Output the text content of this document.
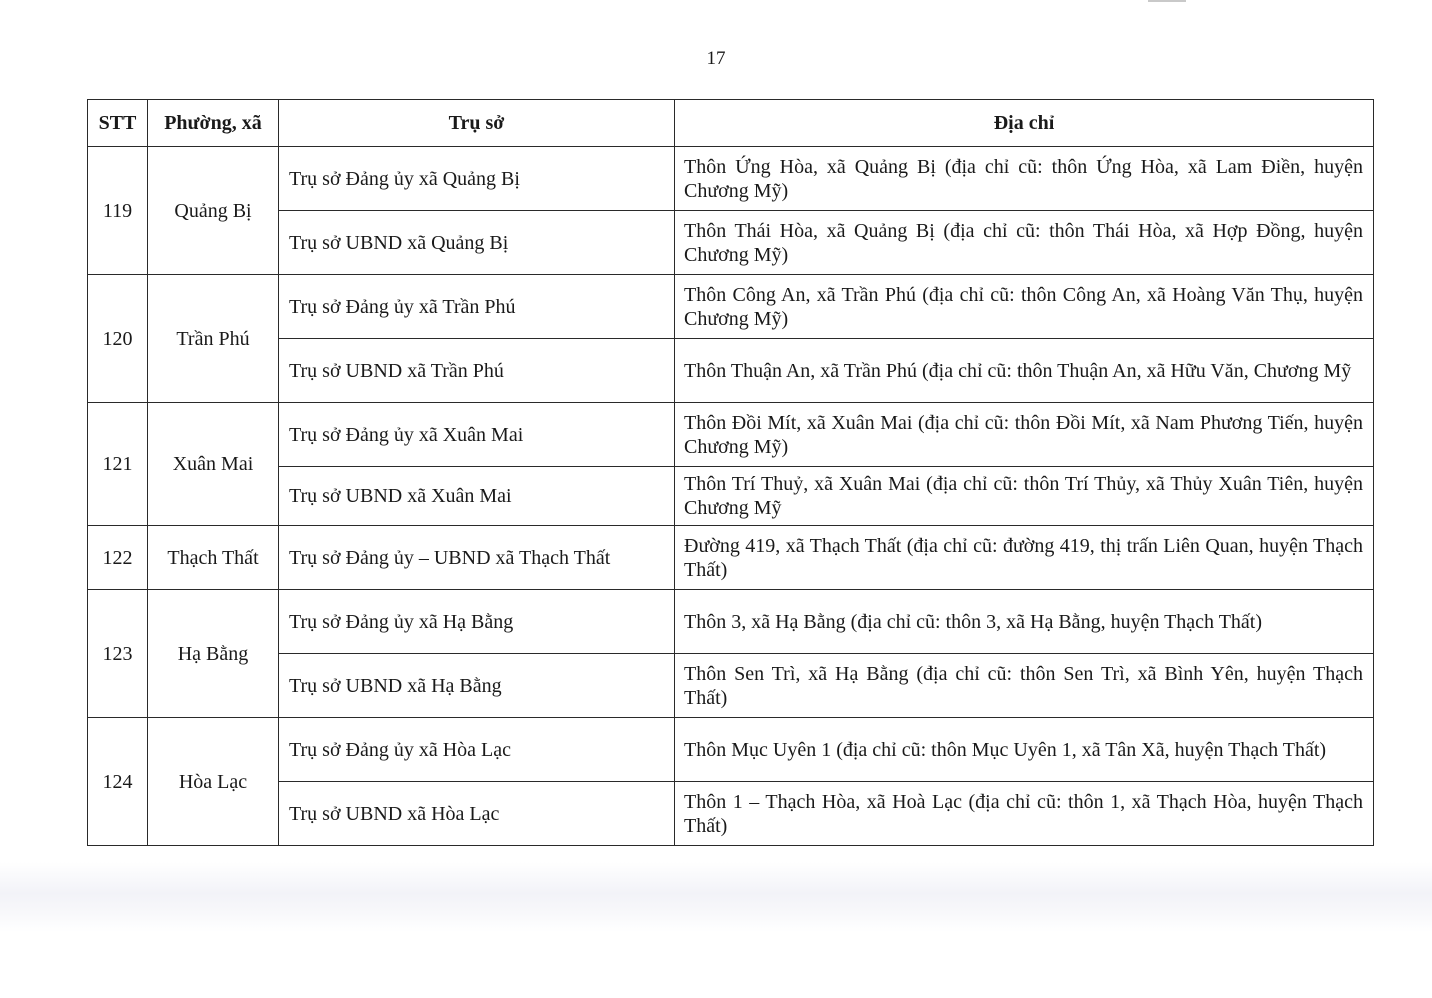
17
STT	Phường, xã	Trụ sở	Địa chỉ
119	Quảng Bị	Trụ sở Đảng ủy xã Quảng Bị	Thôn Ứng Hòa, xã Quảng Bị (địa chỉ cũ: thôn Ứng Hòa, xã Lam Điền, huyện Chương Mỹ)
		Trụ sở UBND xã Quảng Bị	Thôn Thái Hòa, xã Quảng Bị (địa chỉ cũ: thôn Thái Hòa, xã Hợp Đồng, huyện Chương Mỹ)
120	Trần Phú	Trụ sở Đảng ủy xã Trần Phú	Thôn Công An, xã Trần Phú (địa chỉ cũ: thôn Công An, xã Hoàng Văn Thụ, huyện Chương Mỹ)
		Trụ sở UBND xã Trần Phú	Thôn Thuận An, xã Trần Phú (địa chỉ cũ: thôn Thuận An, xã Hữu Văn, Chương Mỹ
121	Xuân Mai	Trụ sở Đảng ủy xã Xuân Mai	Thôn Đồi Mít, xã Xuân Mai (địa chỉ cũ: thôn Đồi Mít, xã Nam Phương Tiến, huyện Chương Mỹ)
		Trụ sở UBND xã Xuân Mai	Thôn Trí Thuỷ, xã Xuân Mai (địa chỉ cũ: thôn Trí Thủy, xã Thủy Xuân Tiên, huyện Chương Mỹ
122	Thạch Thất	Trụ sở Đảng ủy – UBND xã Thạch Thất	Đường 419, xã Thạch Thất (địa chỉ cũ: đường 419, thị trấn Liên Quan, huyện Thạch Thất)
123	Hạ Bằng	Trụ sở Đảng ủy xã Hạ Bằng	Thôn 3, xã Hạ Bằng (địa chỉ cũ: thôn 3, xã Hạ Bằng, huyện Thạch Thất)
		Trụ sở UBND xã Hạ Bằng	Thôn Sen Trì, xã Hạ Bằng (địa chỉ cũ: thôn Sen Trì, xã Bình Yên, huyện Thạch Thất)
124	Hòa Lạc	Trụ sở Đảng ủy xã Hòa Lạc	Thôn Mục Uyên 1 (địa chỉ cũ: thôn Mục Uyên 1, xã Tân Xã, huyện Thạch Thất)
		Trụ sở UBND xã Hòa Lạc	Thôn 1 – Thạch Hòa, xã Hoà Lạc (địa chỉ cũ: thôn 1, xã Thạch Hòa, huyện Thạch Thất)
